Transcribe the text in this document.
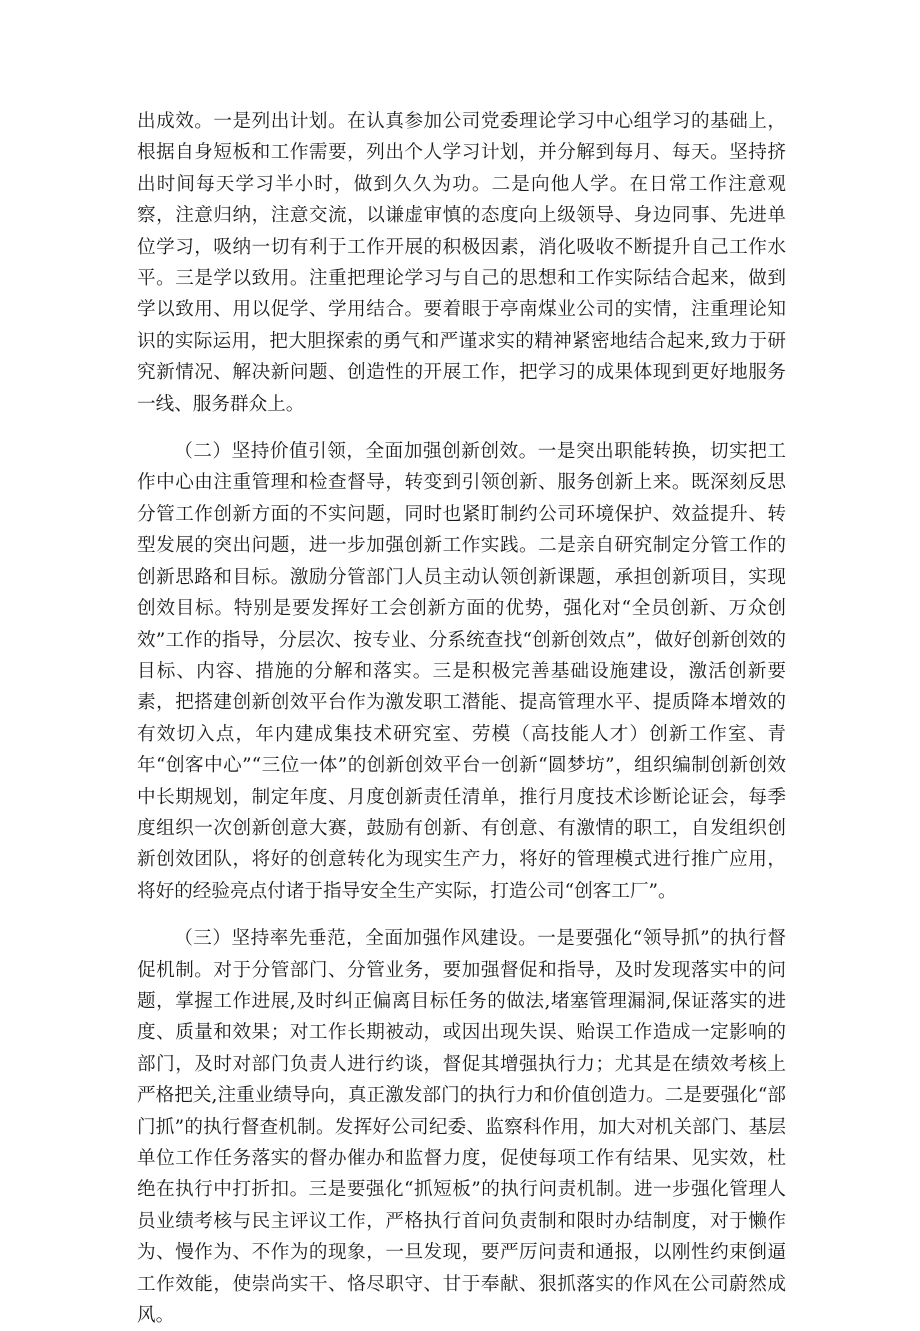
出成效。一是列出计划。在认真参加公司党委理论学习中心组学习的基础上，根据自身短板和工作需要，列出个人学习计划，并分解到每月、每天。坚持挤出时间每天学习半小时，做到久久为功。二是向他人学。在日常工作注意观察，注意归纳，注意交流，以谦虚审慎的态度向上级领导、身边同事、先进单位学习，吸纳一切有利于工作开展的积极因素，消化吸收不断提升自己工作水平。三是学以致用。注重把理论学习与自己的思想和工作实际结合起来，做到学以致用、用以促学、学用结合。要着眼于亭南煤业公司的实情，注重理论知识的实际运用，把大胆探索的勇气和严谨求实的精神紧密地结合起来,致力于研究新情况、解决新问题、创造性的开展工作，把学习的成果体现到更好地服务一线、服务群众上。

（二）坚持价值引领，全面加强创新创效。一是突出职能转换，切实把工作中心由注重管理和检查督导，转变到引领创新、服务创新上来。既深刻反思分管工作创新方面的不实问题，同时也紧盯制约公司环境保护、效益提升、转型发展的突出问题，进一步加强创新工作实践。二是亲自研究制定分管工作的创新思路和目标。激励分管部门人员主动认领创新课题，承担创新项目，实现创效目标。特别是要发挥好工会创新方面的优势，强化对“全员创新、万众创效”工作的指导，分层次、按专业、分系统查找“创新创效点”，做好创新创效的目标、内容、措施的分解和落实。三是积极完善基础设施建设，激活创新要素，把搭建创新创效平台作为激发职工潜能、提高管理水平、提质降本增效的有效切入点，年内建成集技术研究室、劳模（高技能人才）创新工作室、青年“创客中心”“三位一体”的创新创效平台一创新“圆梦坊”，组织编制创新创效中长期规划，制定年度、月度创新责任清单，推行月度技术诊断论证会，每季度组织一次创新创意大赛，鼓励有创新、有创意、有激情的职工，自发组织创新创效团队，将好的创意转化为现实生产力，将好的管理模式进行推广应用，将好的经验亮点付诸于指导安全生产实际，打造公司“创客工厂”。

（三）坚持率先垂范，全面加强作风建设。一是要强化“领导抓”的执行督促机制。对于分管部门、分管业务，要加强督促和指导，及时发现落实中的问题，掌握工作进展,及时纠正偏离目标任务的做法,堵塞管理漏洞,保证落实的进度、质量和效果；对工作长期被动，或因出现失误、贻误工作造成一定影响的部门，及时对部门负责人进行约谈，督促其增强执行力；尤其是在绩效考核上严格把关,注重业绩导向，真正激发部门的执行力和价值创造力。二是要强化“部门抓”的执行督查机制。发挥好公司纪委、监察科作用，加大对机关部门、基层单位工作任务落实的督办催办和监督力度，促使每项工作有结果、见实效，杜绝在执行中打折扣。三是要强化“抓短板”的执行问责机制。进一步强化管理人员业绩考核与民主评议工作，严格执行首问负责制和限时办结制度，对于懒作为、慢作为、不作为的现象，一旦发现，要严厉问责和通报，以刚性约束倒逼工作效能，使崇尚实干、恪尽职守、甘于奉献、狠抓落实的作风在公司蔚然成风。
